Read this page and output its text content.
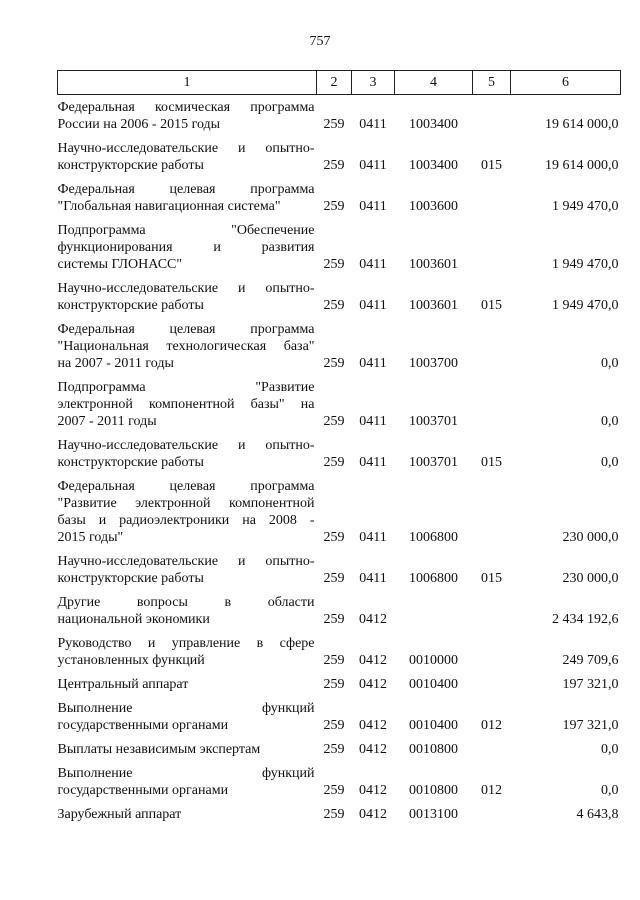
757
1	2	3	4	5	6

Федеральная космическая программа
России на 2006 - 2015 годы	259	0411	1003400		19 614 000,0

Научно-исследовательские и опытно-
конструкторские работы	259	0411	1003400	015	19 614 000,0

Федеральная целевая программа
"Глобальная навигационная система"	259	0411	1003600		1 949 470,0

Подпрограмма "Обеспечение
функционирования и развития
системы ГЛОНАСС"	259	0411	1003601		1 949 470,0

Научно-исследовательские и опытно-
конструкторские работы	259	0411	1003601	015	1 949 470,0

Федеральная целевая программа
"Национальная технологическая база"
на 2007 - 2011 годы	259	0411	1003700		0,0

Подпрограмма "Развитие
электронной компонентной базы" на
2007 - 2011 годы	259	0411	1003701		0,0

Научно-исследовательские и опытно-
конструкторские работы	259	0411	1003701	015	0,0

Федеральная целевая программа
"Развитие электронной компонентной
базы и радиоэлектроники на 2008 -
2015 годы"	259	0411	1006800		230 000,0

Научно-исследовательские и опытно-
конструкторские работы	259	0411	1006800	015	230 000,0

Другие вопросы в области
национальной экономики	259	0412			2 434 192,6

Руководство и управление в сфере
установленных функций	259	0412	0010000		249 709,6

Центральный аппарат	259	0412	0010400		197 321,0

Выполнение функций
государственными органами	259	0412	0010400	012	197 321,0

Выплаты независимым экспертам	259	0412	0010800		0,0

Выполнение функций
государственными органами	259	0412	0010800	012	0,0

Зарубежный аппарат	259	0412	0013100		4 643,8
